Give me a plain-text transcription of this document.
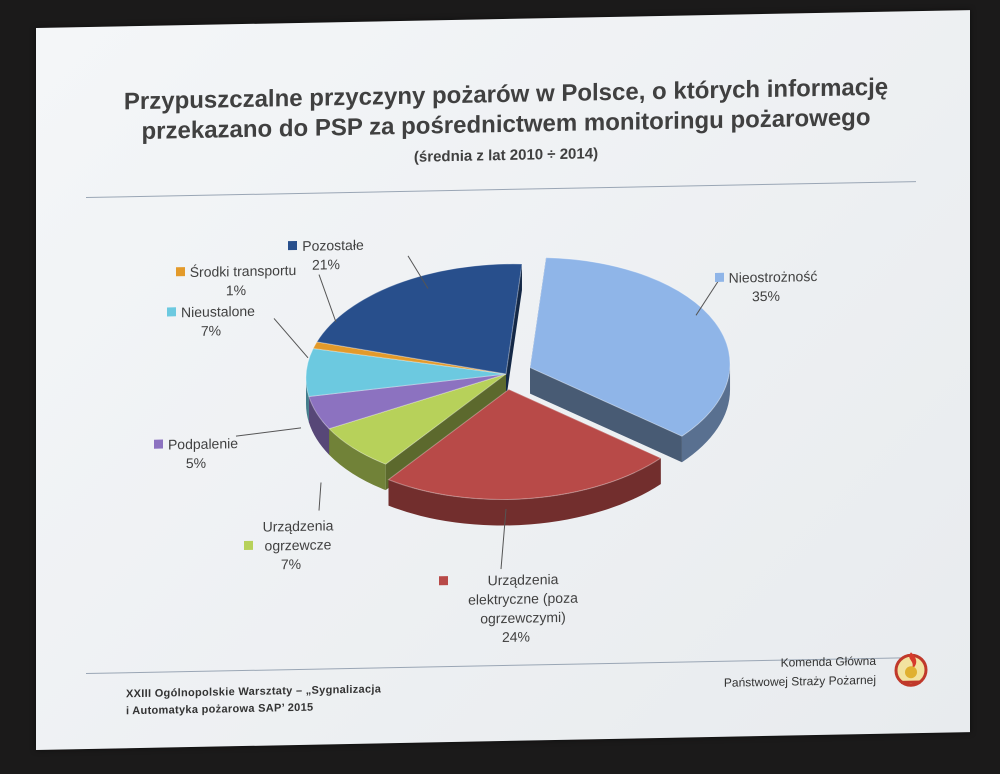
Przypuszczalne przyczyny pożarów w Polsce, o których informację
przekazano do PSP za pośrednictwem monitoringu pożarowego
(średnia z lat 2010 ÷ 2014)
Nieostrożność
35%
Pozostałe
21%
Środki transportu
1%
Nieustalone
7%
Podpalenie
5%
Urządzenia ogrzewcze
7%
Urządzenia elektryczne (poza ogrzewczymi)
24%
XXIII Ogólnopolskie Warsztaty – „Sygnalizacja
i Automatyka pożarowa SAP’ 2015
Komenda Główna
Państwowej Straży Pożarnej
